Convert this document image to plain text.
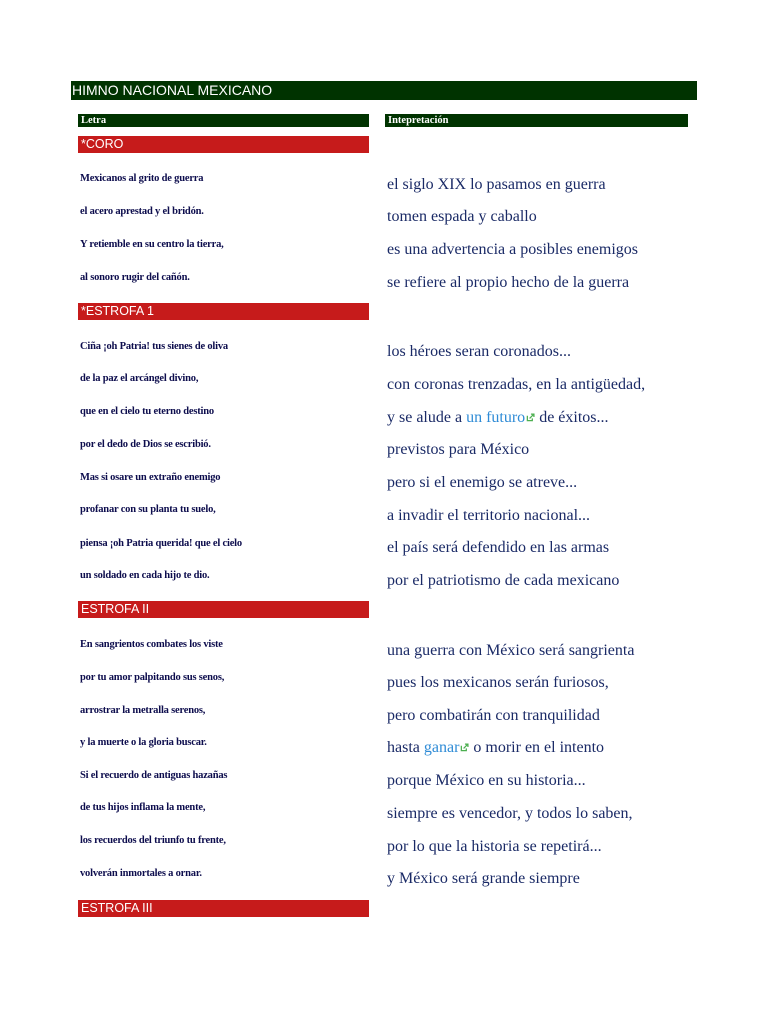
HIMNO NACIONAL MEXICANO
Letra	Intepretación
*CORO
Mexicanos al grito de guerra
el acero aprestad y el bridón.
Y retiemble en su centro la tierra,
al sonoro rugir del cañón.
el siglo XIX lo pasamos en guerra
tomen espada y caballo
es una advertencia a posibles enemigos
se refiere al propio hecho de la guerra
*ESTROFA 1
Ciña ¡oh Patria! tus sienes de oliva
de la paz el arcángel divino,
que en el cielo tu eterno destino
por el dedo de Dios se escribió.
Mas si osare un extraño enemigo
profanar con su planta tu suelo,
piensa ¡oh Patria querida! que el cielo
un soldado en cada hijo te dio.
los héroes seran coronados...
con coronas trenzadas, en la antigüedad,
y se alude a un futuro de éxitos...
previstos para México
pero si el enemigo se atreve...
a invadir el territorio nacional...
el país será defendido en las armas
por el patriotismo de cada mexicano
ESTROFA II
En sangrientos combates los viste
por tu amor palpitando sus senos,
arrostrar la metralla serenos,
y la muerte o la gloria buscar.
Si el recuerdo de antiguas hazañas
de tus hijos inflama la mente,
los recuerdos del triunfo tu frente,
volverán inmortales a ornar.
una guerra con México será sangrienta
pues los mexicanos serán furiosos,
pero combatirán con tranquilidad
hasta ganar o morir en el intento
porque México en su historia...
siempre es vencedor, y todos lo saben,
por lo que la historia se repetirá...
y México será grande siempre
ESTROFA III
